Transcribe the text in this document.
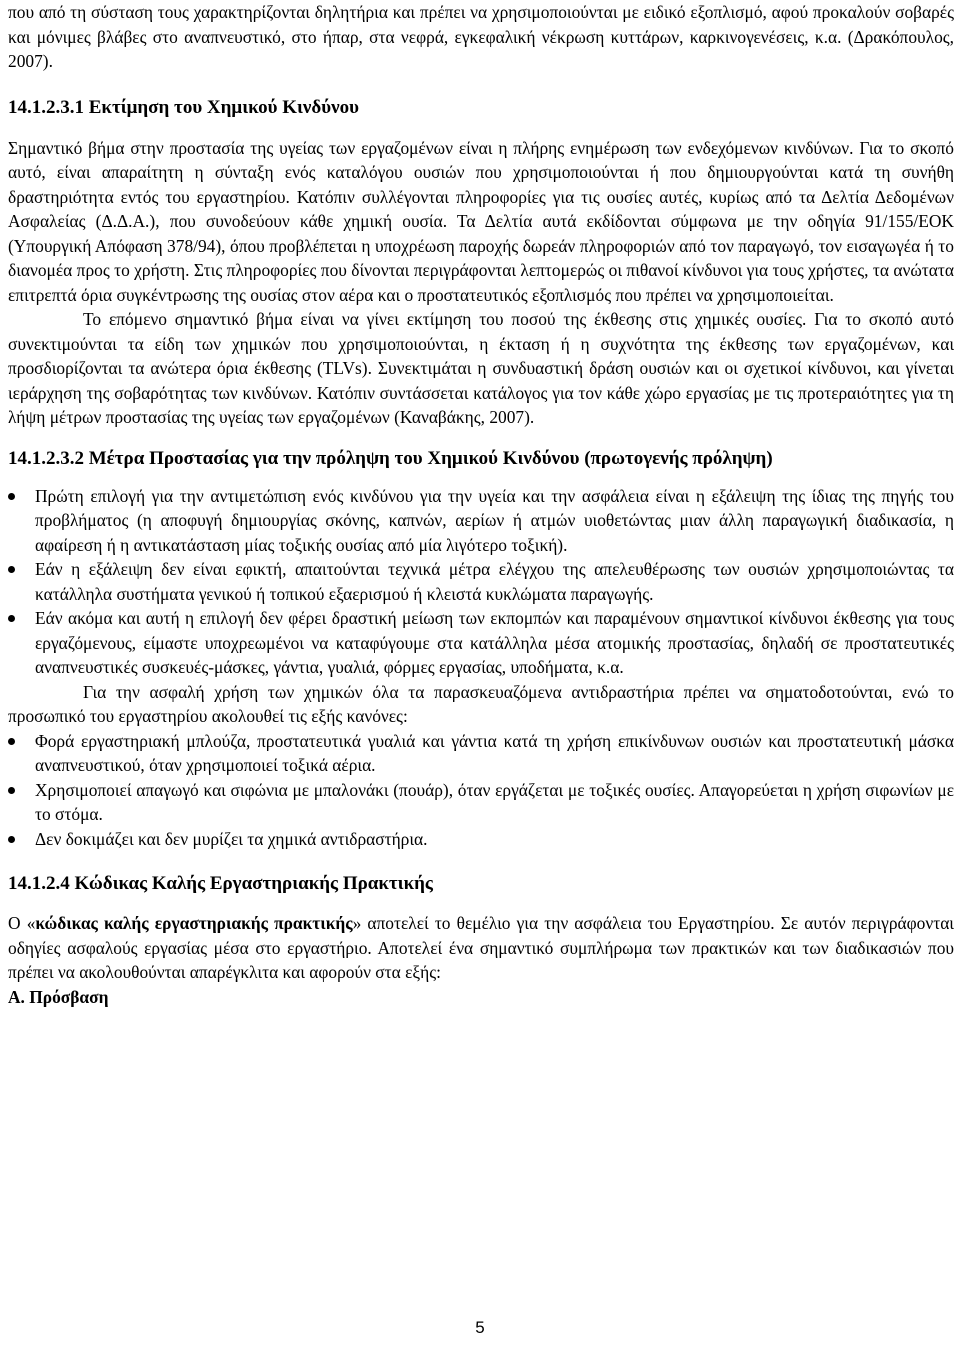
που από τη σύσταση τους χαρακτηρίζονται δηλητήρια και πρέπει να χρησιμοποιούνται με ειδικό εξοπλισμό, αφού προκαλούν σοβαρές και μόνιμες βλάβες στο αναπνευστικό, στο ήπαρ, στα νεφρά, εγκεφαλική νέκρωση κυττάρων, καρκινογενέσεις, κ.α. (Δρακόπουλος, 2007).

14.1.2.3.1 Εκτίμηση του Χημικού Κινδύνου

Σημαντικό βήμα στην προστασία της υγείας των εργαζομένων είναι η πλήρης ενημέρωση των ενδεχόμενων κινδύνων. Για το σκοπό αυτό, είναι απαραίτητη η σύνταξη ενός καταλόγου ουσιών που χρησιμοποιούνται ή που δημιουργούνται κατά τη συνήθη δραστηριότητα εντός του εργαστηρίου. Κατόπιν συλλέγονται πληροφορίες για τις ουσίες αυτές, κυρίως από τα Δελτία Δεδομένων Ασφαλείας (Δ.Δ.Α.), που συνοδεύουν κάθε χημική ουσία. Τα Δελτία αυτά εκδίδονται σύμφωνα με την οδηγία 91/155/ΕΟΚ (Υπουργική Απόφαση 378/94), όπου προβλέπεται η υποχρέωση παροχής δωρεάν πληροφοριών από τον παραγωγό, τον εισαγωγέα ή το διανομέα προς το χρήστη. Στις πληροφορίες που δίνονται περιγράφονται λεπτομερώς οι πιθανοί κίνδυνοι για τους χρήστες, τα ανώτατα επιτρεπτά όρια συγκέντρωσης της ουσίας στον αέρα και ο προστατευτικός εξοπλισμός που πρέπει να χρησιμοποιείται.

Το επόμενο σημαντικό βήμα είναι να γίνει εκτίμηση του ποσού της έκθεσης στις χημικές ουσίες. Για το σκοπό αυτό συνεκτιμούνται τα είδη των χημικών που χρησιμοποιούνται, η έκταση ή η συχνότητα της έκθεσης των εργαζομένων, και προσδιορίζονται τα ανώτερα όρια έκθεσης (TLVs). Συνεκτιμάται η συνδυαστική δράση ουσιών και οι σχετικοί κίνδυνοι, και γίνεται ιεράρχηση της σοβαρότητας των κινδύνων. Κατόπιν συντάσσεται κατάλογος για τον κάθε χώρο εργασίας με τις προτεραιότητες για τη λήψη μέτρων προστασίας της υγείας των εργαζομένων (Καναβάκης, 2007).

14.1.2.3.2 Μέτρα Προστασίας για την πρόληψη του Χημικού Κινδύνου (πρωτογενής πρόληψη)
Πρώτη επιλογή για την αντιμετώπιση ενός κινδύνου για την υγεία και την ασφάλεια είναι η εξάλειψη της ίδιας της πηγής του προβλήματος (η αποφυγή δημιουργίας σκόνης, καπνών, αερίων ή ατμών υιοθετώντας μιαν άλλη παραγωγική διαδικασία, η αφαίρεση ή η αντικατάσταση μίας τοξικής ουσίας από μία λιγότερο τοξική).
Εάν η εξάλειψη δεν είναι εφικτή, απαιτούνται τεχνικά μέτρα ελέγχου της απελευθέρωσης των ουσιών χρησιμοποιώντας τα κατάλληλα συστήματα γενικού ή τοπικού εξαερισμού ή κλειστά κυκλώματα παραγωγής.
Εάν ακόμα και αυτή η επιλογή δεν φέρει δραστική μείωση των εκπομπών και παραμένουν σημαντικοί κίνδυνοι έκθεσης για τους εργαζόμενους, είμαστε υποχρεωμένοι να καταφύγουμε στα κατάλληλα μέσα ατομικής προστασίας, δηλαδή σε προστατευτικές αναπνευστικές συσκευές-μάσκες, γάντια, γυαλιά, φόρμες εργασίας, υποδήματα, κ.α.

Για την ασφαλή χρήση των χημικών όλα τα παρασκευαζόμενα αντιδραστήρια πρέπει να σηματοδοτούνται, ενώ το προσωπικό του εργαστηρίου ακολουθεί τις εξής κανόνες:

Φορά εργαστηριακή μπλούζα, προστατευτικά γυαλιά και γάντια κατά τη χρήση επικίνδυνων ουσιών και προστατευτική μάσκα αναπνευστικού, όταν χρησιμοποιεί τοξικά αέρια.
Χρησιμοποιεί απαγωγό και σιφώνια με μπαλονάκι (πουάρ), όταν εργάζεται με τοξικές ουσίες. Απαγορεύεται η χρήση σιφωνίων με το στόμα.
Δεν δοκιμάζει και δεν μυρίζει τα χημικά αντιδραστήρια.
14.1.2.4 Κώδικας Καλής Εργαστηριακής Πρακτικής

Ο «κώδικας καλής εργαστηριακής πρακτικής» αποτελεί το θεμέλιο για την ασφάλεια του Εργαστηρίου. Σε αυτόν περιγράφονται οδηγίες ασφαλούς εργασίας μέσα στο εργαστήριο. Αποτελεί ένα σημαντικό συμπλήρωμα των πρακτικών και των διαδικασιών που πρέπει να ακολουθούνται απαρέγκλιτα και αφορούν στα εξής:

Α. Πρόσβαση

5
